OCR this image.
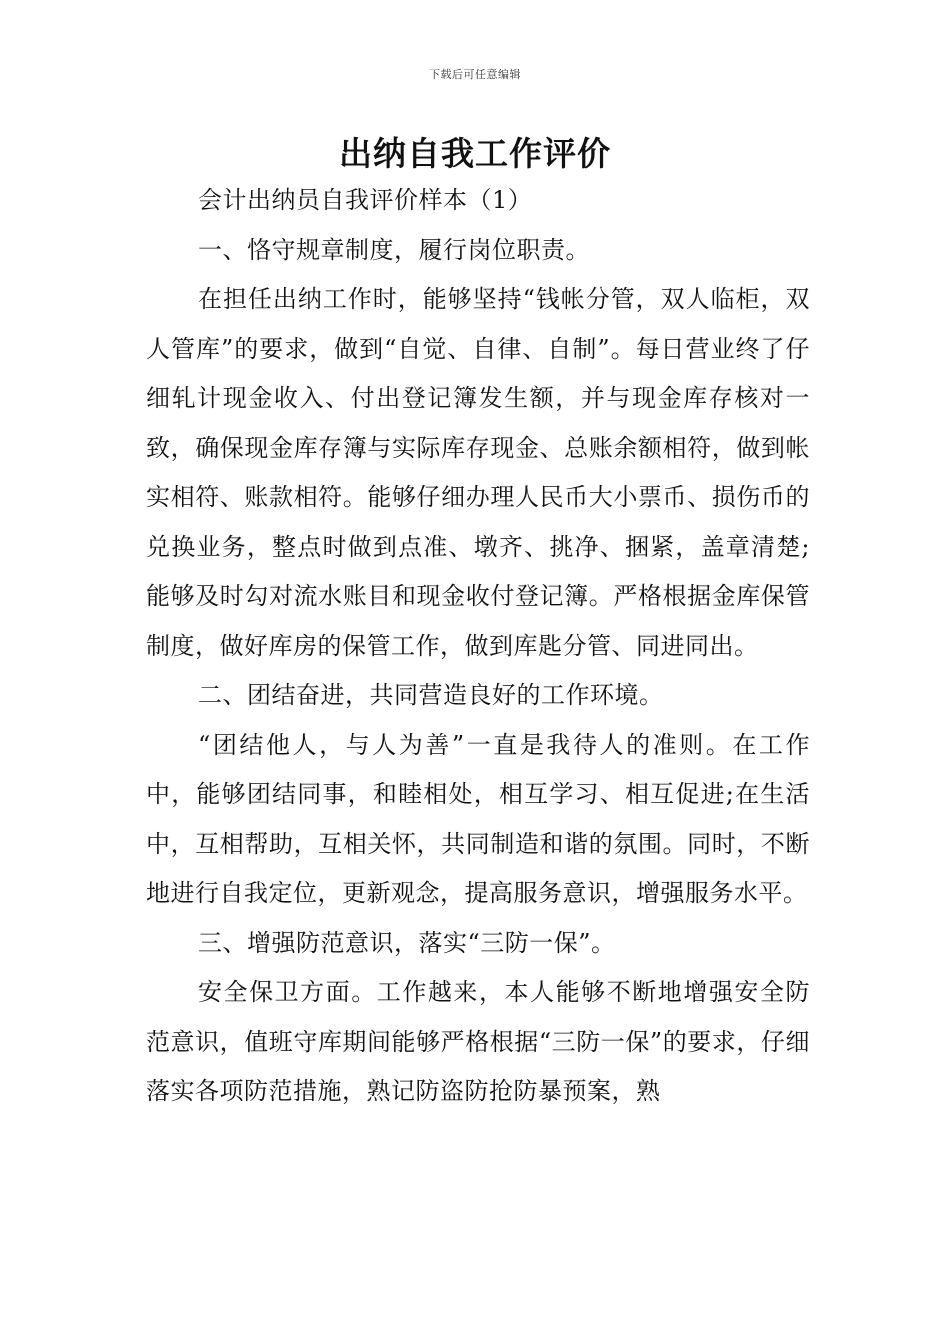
下载后可任意编辑
出纳自我工作评价

会计出纳员自我评价样本（1）

一、恪守规章制度，履行岗位职责。

在担任出纳工作时，能够坚持“钱帐分管，双人临柜，双人管库”的要求，做到“自觉、自律、自制”。每日营业终了仔细轧计现金收入、付出登记簿发生额，并与现金库存核对一致，确保现金库存簿与实际库存现金、总账余额相符，做到帐实相符、账款相符。能够仔细办理人民币大小票币、损伤币的兑换业务，整点时做到点准、墩齐、挑净、捆紧，盖章清楚;能够及时勾对流水账目和现金收付登记簿。严格根据金库保管制度，做好库房的保管工作，做到库匙分管、同进同出。

二、团结奋进，共同营造良好的工作环境。

“团结他人，与人为善”一直是我待人的准则。在工作中，能够团结同事，和睦相处，相互学习、相互促进;在生活中，互相帮助，互相关怀，共同制造和谐的氛围。同时，不断地进行自我定位，更新观念，提高服务意识，增强服务水平。

三、增强防范意识，落实“三防一保”。

安全保卫方面。工作越来，本人能够不断地增强安全防范意识，值班守库期间能够严格根据“三防一保”的要求，仔细落实各项防范措施，熟记防盗防抢防暴预案，熟
